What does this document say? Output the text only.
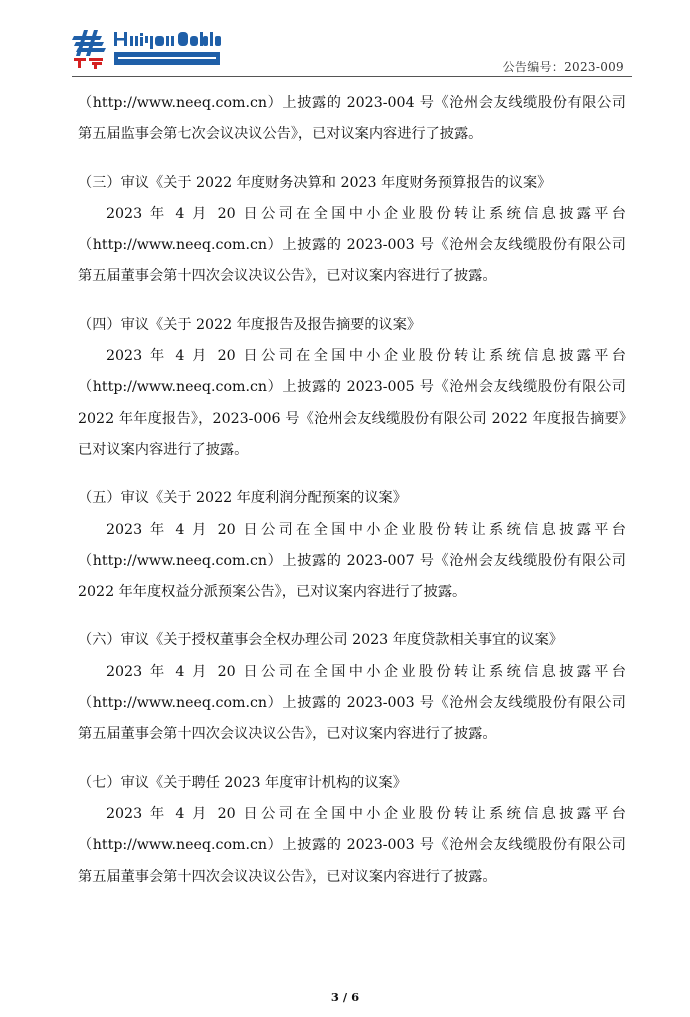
公告编号：2023-009

（http://www.neeq.com.cn）上披露的 2023-004 号《沧州会友线缆股份有限公司第五届监事会第七次会议决议公告》，已对议案内容进行了披露。

（三）审议《关于 2022 年度财务决算和 2023 年度财务预算报告的议案》

2023 年 4 月 20 日公司在全国中小企业股份转让系统信息披露平台（http://www.neeq.com.cn）上披露的 2023-003 号《沧州会友线缆股份有限公司第五届董事会第十四次会议决议公告》，已对议案内容进行了披露。

（四）审议《关于 2022 年度报告及报告摘要的议案》

2023 年 4 月 20 日公司在全国中小企业股份转让系统信息披露平台（http://www.neeq.com.cn）上披露的 2023-005 号《沧州会友线缆股份有限公司 2022 年年度报告》，2023-006 号《沧州会友线缆股份有限公司 2022 年度报告摘要》已对议案内容进行了披露。

（五）审议《关于 2022 年度利润分配预案的议案》

2023 年 4 月 20 日公司在全国中小企业股份转让系统信息披露平台（http://www.neeq.com.cn）上披露的 2023-007 号《沧州会友线缆股份有限公司 2022 年年度权益分派预案公告》，已对议案内容进行了披露。

（六）审议《关于授权董事会全权办理公司 2023 年度贷款相关事宜的议案》

2023 年 4 月 20 日公司在全国中小企业股份转让系统信息披露平台（http://www.neeq.com.cn）上披露的 2023-003 号《沧州会友线缆股份有限公司第五届董事会第十四次会议决议公告》，已对议案内容进行了披露。

（七）审议《关于聘任 2023 年度审计机构的议案》

2023 年 4 月 20 日公司在全国中小企业股份转让系统信息披露平台（http://www.neeq.com.cn）上披露的 2023-003 号《沧州会友线缆股份有限公司第五届董事会第十四次会议决议公告》，已对议案内容进行了披露。

3 / 6
